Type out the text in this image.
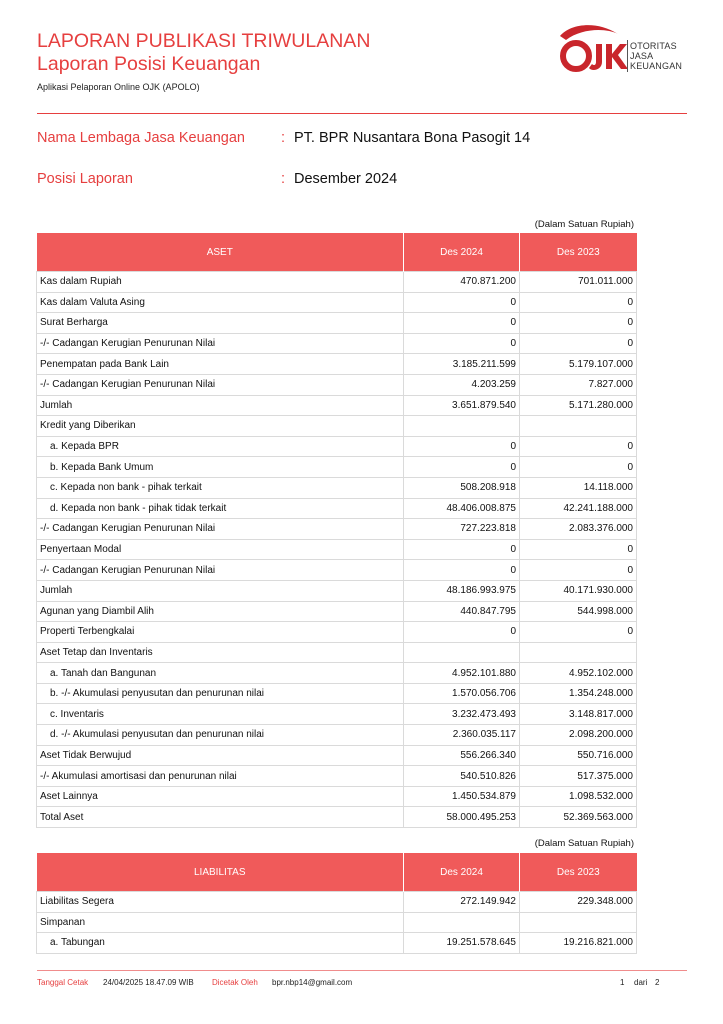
LAPORAN PUBLIKASI TRIWULANAN
Laporan Posisi Keuangan
Aplikasi Pelaporan Online OJK (APOLO)
OTORITAS
JASA
KEUANGAN
Nama Lembaga Jasa Keuangan : PT. BPR Nusantara Bona Pasogit 14
Posisi Laporan	: Desember 2024
(Dalam Satuan Rupiah)
ASET	Des 2024	Des 2023
Kas dalam Rupiah	470.871.200	701.011.000
Kas dalam Valuta Asing	0	0
Surat Berharga	0	0
-/- Cadangan Kerugian Penurunan Nilai	0	0
Penempatan pada Bank Lain	3.185.211.599	5.179.107.000
-/- Cadangan Kerugian Penurunan Nilai	4.203.259	7.827.000
Jumlah	3.651.879.540	5.171.280.000
Kredit yang Diberikan		
a. Kepada BPR	0	0
b. Kepada Bank Umum	0	0
c. Kepada non bank - pihak terkait	508.208.918	14.118.000
d. Kepada non bank - pihak tidak terkait	48.406.008.875	42.241.188.000
-/- Cadangan Kerugian Penurunan Nilai	727.223.818	2.083.376.000
Penyertaan Modal	0	0
-/- Cadangan Kerugian Penurunan Nilai	0	0
Jumlah	48.186.993.975	40.171.930.000
Agunan yang Diambil Alih	440.847.795	544.998.000
Properti Terbengkalai	0	0
Aset Tetap dan Inventaris		
a. Tanah dan Bangunan	4.952.101.880	4.952.102.000
b. -/- Akumulasi penyusutan dan penurunan nilai	1.570.056.706	1.354.248.000
c. Inventaris	3.232.473.493	3.148.817.000
d. -/- Akumulasi penyusutan dan penurunan nilai	2.360.035.117	2.098.200.000
Aset Tidak Berwujud	556.266.340	550.716.000
-/- Akumulasi amortisasi dan penurunan nilai	540.510.826	517.375.000
Aset Lainnya	1.450.534.879	1.098.532.000
Total Aset	58.000.495.253	52.369.563.000
(Dalam Satuan Rupiah)
LIABILITAS	Des 2024	Des 2023
Liabilitas Segera	272.149.942	229.348.000
Simpanan		
a. Tabungan	19.251.578.645	19.216.821.000
Tanggal Cetak 24/04/2025 18.47.09 WIB Dicetak Oleh bpr.nbp14@gmail.com	1 dari 2
